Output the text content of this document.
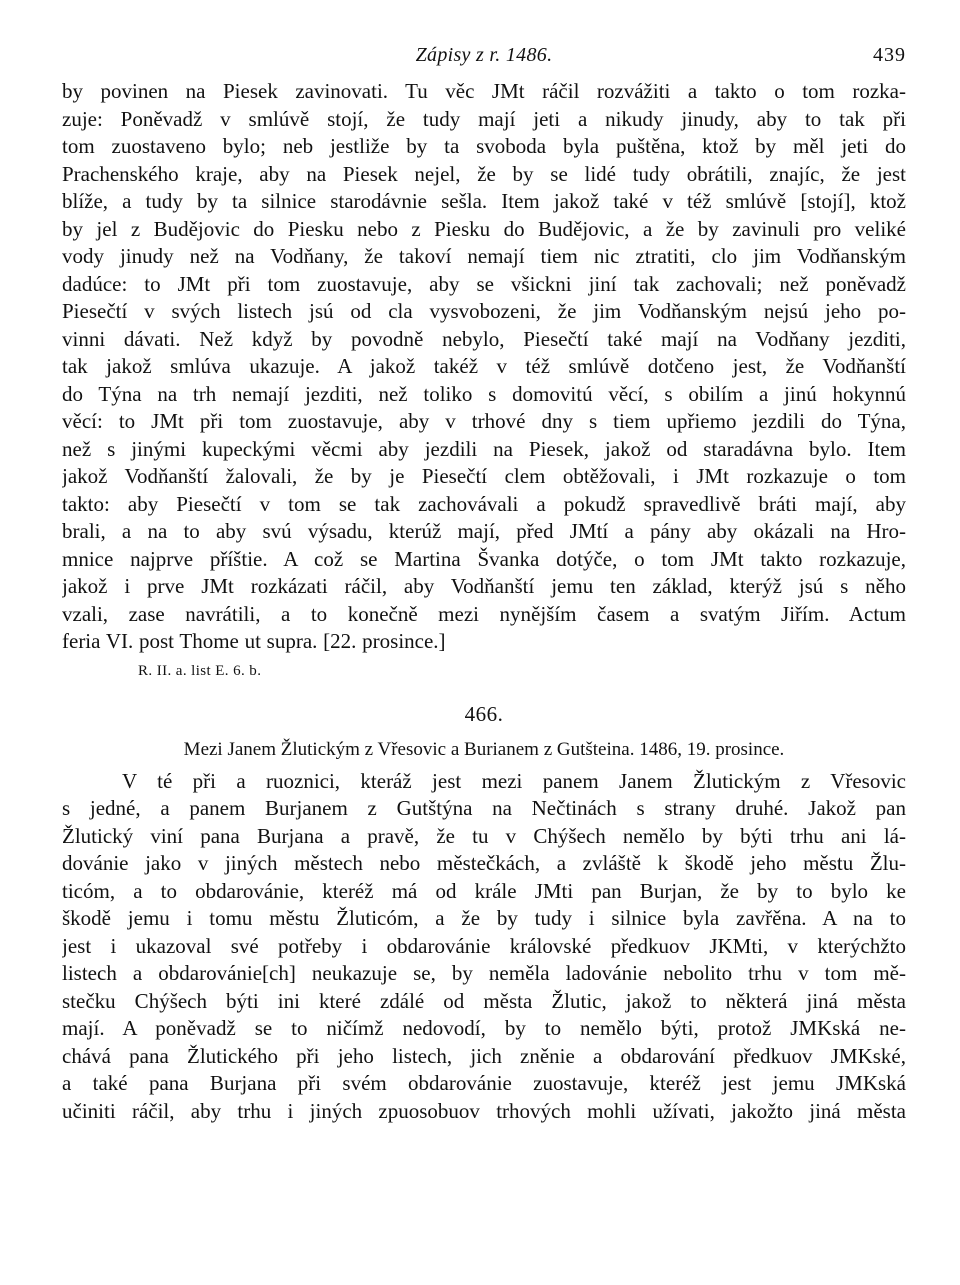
Zápisy z r. 1486.	439
by povinen na Piesek zavinovati. Tu věc JMt ráčil rozvážiti a takto o tom rozka-
zuje: Poněvadž v smlúvě stojí, že tudy mají jeti a nikudy jinudy, aby to tak při
tom zuostaveno bylo; neb jestliže by ta svoboda byla puštěna, ktož by měl jeti do
Prachenského kraje, aby na Piesek nejel, že by se lidé tudy obrátili, znajíc, že jest
blíže, a tudy by ta silnice starodávnie sešla. Item jakož také v též smlúvě [stojí], ktož
by jel z Budějovic do Piesku nebo z Piesku do Budějovic, a že by zavinuli pro veliké
vody jinudy než na Vodňany, že takoví nemají tiem nic ztratiti, clo jim Vodňanským
dadúce: to JMt při tom zuostavuje, aby se všickni jiní tak zachovali; než poněvadž
Piesečtí v svých listech jsú od cla vysvobozeni, že jim Vodňanským nejsú jeho po-
vinni dávati. Než když by povodně nebylo, Piesečtí také mají na Vodňany jezditi,
tak jakož smlúva ukazuje. A jakož takéž v též smlúvě dotčeno jest, že Vodňanští
do Týna na trh nemají jezditi, než toliko s domovitú věcí, s obilím a jinú hokynnú
věcí: to JMt při tom zuostavuje, aby v trhové dny s tiem upřiemo jezdili do Týna,
než s jinými kupeckými věcmi aby jezdili na Piesek, jakož od staradávna bylo. Item
jakož Vodňanští žalovali, že by je Piesečtí clem obtěžovali, i JMt rozkazuje o tom
takto: aby Piesečtí v tom se tak zachovávali a pokudž spravedlivě bráti mají, aby
brali, a na to aby svú výsadu, kterúž mají, před JMtí a pány aby okázali na Hro-
mnice najprve příštie. A což se Martina Švanka dotýče, o tom JMt takto rozkazuje,
jakož i prve JMt rozkázati ráčil, aby Vodňanští jemu ten základ, kterýž jsú s něho
vzali, zase navrátili, a to konečně mezi nynějším časem a svatým Jiřím. Actum
feria VI. post Thome ut supra. [22. prosince.]
R. II. a. list E. 6. b.
466.
Mezi Janem Žlutickým z Vřesovic a Burianem z Gutšteina. 1486, 19. prosince.
V té při a ruoznici, kteráž jest mezi panem Janem Žlutickým z Vřesovic
s jedné, a panem Burjanem z Gutštýna na Nečtinách s strany druhé. Jakož pan
Žlutický viní pana Burjana a pravě, že tu v Chýšech nemělo by býti trhu ani lá-
dovánie jako v jiných městech nebo městečkách, a zvláště k škodě jeho městu Žlu-
ticóm, a to obdarovánie, kteréž má od krále JMti pan Burjan, že by to bylo ke
škodě jemu i tomu městu Žluticóm, a že by tudy i silnice byla zavřěna. A na to
jest i ukazoval své potřeby i obdarovánie královské předkuov JKMti, v kterýchžto
listech a obdarovánie[ch] neukazuje se, by neměla ladovánie nebolito trhu v tom mě-
stečku Chýšech býti ini které zdálé od města Žlutic, jakož to některá jiná města
mají. A poněvadž se to ničímž nedovodí, by to nemělo býti, protož JMKská ne-
chává pana Žlutického při jeho listech, jich zněnie a obdarování předkuov JMKské,
a také pana Burjana při svém obdarovánie zuostavuje, kteréž jest jemu JMKská
učiniti ráčil, aby trhu i jiných zpuosobuov trhových mohli užívati, jakožto jiná města
